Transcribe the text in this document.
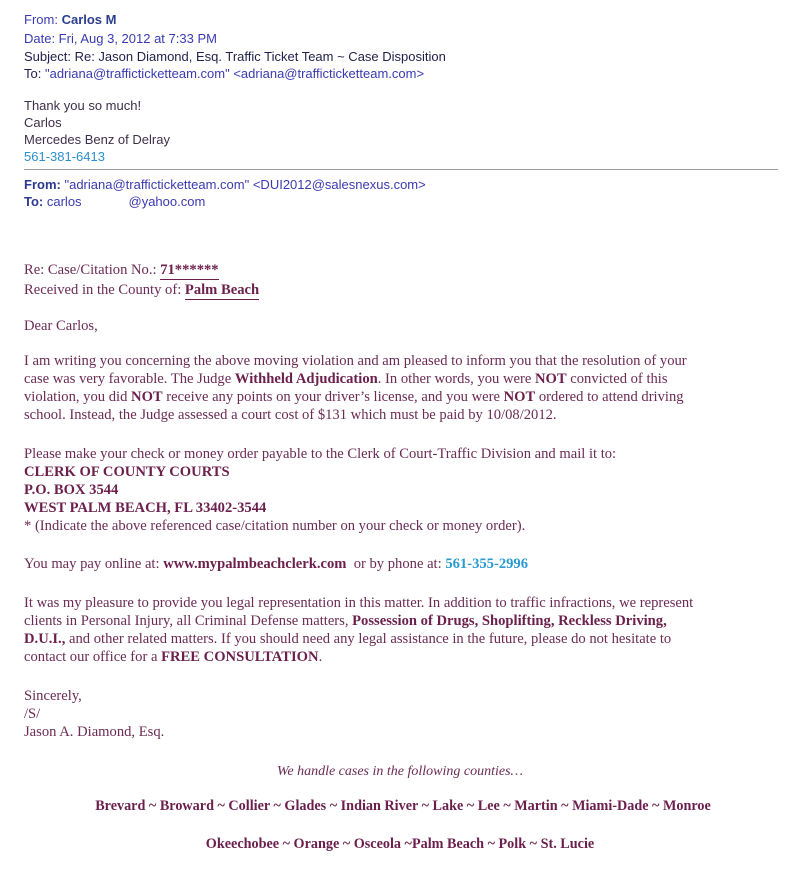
From: Carlos M
Date: Fri, Aug 3, 2012 at 7:33 PM
Subject: Re: Jason Diamond, Esq. Traffic Ticket Team ~ Case Disposition
To: "adriana@trafficticketteam.com" <adriana@trafficticketteam.com>
Thank you so much!
Carlos
Mercedes Benz of Delray
561-381-6413
From: "adriana@trafficticketteam.com" <DUI2012@salesnexus.com>
To: carlos             @yahoo.com
Re: Case/Citation No.: 71******
Received in the County of: Palm Beach
Dear Carlos,
I am writing you concerning the above moving violation and am pleased to inform you that the resolution of your
case was very favorable. The Judge Withheld Adjudication. In other words, you were NOT convicted of this
violation, you did NOT receive any points on your driver’s license, and you were NOT ordered to attend driving
school. Instead, the Judge assessed a court cost of $131 which must be paid by 10/08/2012.
Please make your check or money order payable to the Clerk of Court-Traffic Division and mail it to:
CLERK OF COUNTY COURTS
P.O. BOX 3544
WEST PALM BEACH, FL 33402-3544
* (Indicate the above referenced case/citation number on your check or money order).
You may pay online at: www.mypalmbeachclerk.com  or by phone at: 561-355-2996
It was my pleasure to provide you legal representation in this matter. In addition to traffic infractions, we represent
clients in Personal Injury, all Criminal Defense matters, Possession of Drugs, Shoplifting, Reckless Driving,
D.U.I., and other related matters. If you should need any legal assistance in the future, please do not hesitate to
contact our office for a FREE CONSULTATION.
Sincerely,
/S/
Jason A. Diamond, Esq.
We handle cases in the following counties…
Brevard ~ Broward ~ Collier ~ Glades ~ Indian River ~ Lake ~ Lee ~ Martin ~ Miami-Dade ~ Monroe
Okeechobee ~ Orange ~ Osceola ~Palm Beach ~ Polk ~ St. Lucie
